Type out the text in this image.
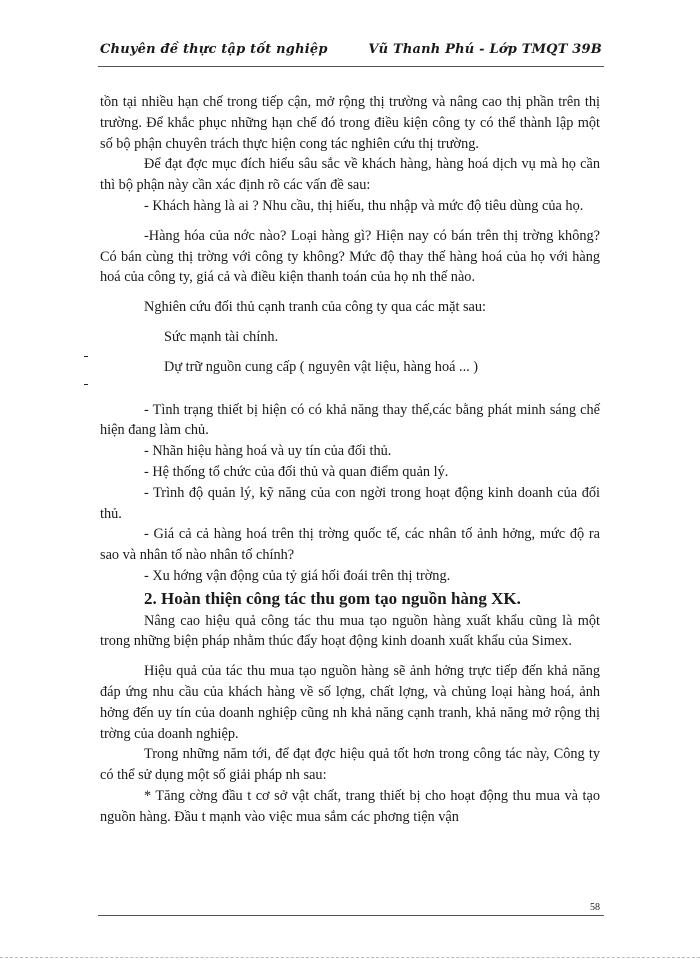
Chuyên đề thực tập tốt nghiệp	Vũ Thanh Phú - Lớp TMQT 39B

tồn tại nhiều hạn chế trong tiếp cận, mở rộng thị trường và nâng cao thị phần trên thị trường. Để khắc phục những hạn chế đó trong điều kiện công ty có thể thành lập một số bộ phận chuyên trách thực hiện cong tác nghiên cứu thị trường.

Để đạt đợc mục đích hiểu sâu sắc về khách hàng, hàng hoá dịch vụ mà họ cần thì bộ phận này cần xác định rõ các vấn đề sau:

- Khách hàng là ai ? Nhu cầu, thị hiếu, thu nhập và mức độ tiêu dùng của họ.

-Hàng hóa của nớc nào? Loại hàng gì? Hiện nay có bán trên thị trờng không? Có bán cùng thị trờng với công ty không? Mức độ thay thế hàng hoá của họ với hàng hoá của công ty, giá cả và điều kiện thanh toán của họ nh thế nào.

Nghiên cứu đối thủ cạnh tranh của công ty qua các mặt sau:

Sức mạnh tài chính.

Dự trữ nguồn cung cấp ( nguyên vật liệu, hàng hoá ... )

- Tình trạng thiết bị hiện có có khả năng thay thế,các bằng phát minh sáng chế hiện đang làm chủ.

- Nhãn hiệu hàng hoá và uy tín của đối thủ.

- Hệ thống tổ chức của đối thủ và quan điểm quản lý.

- Trình độ quản lý, kỹ năng của con ngời trong hoạt động kinh doanh của đối thủ.

- Giá cả cả hàng hoá trên thị trờng quốc tế, các nhân tố ảnh hởng, mức độ ra sao và nhân tố nào nhân tố chính?

- Xu hớng vận động của tỷ giá hối đoái trên thị trờng.

2. Hoàn thiện công tác thu gom tạo nguồn hàng XK.

Nâng cao hiệu quả công tác thu mua tạo nguồn hàng xuất khẩu cũng là một trong những biện pháp nhằm thúc đẩy hoạt động kinh doanh xuất khẩu của Simex.

Hiệu quả của tác thu mua tạo nguồn hàng sẽ ảnh hởng trực tiếp đến khả năng đáp ứng nhu cầu của khách hàng về số lợng, chất lợng, và chủng loại hàng hoá, ảnh hởng đến uy tín của doanh nghiệp cũng nh khả năng cạnh tranh, khả năng mở rộng thị trờng của doanh nghiệp.

Trong những năm tới, để đạt đợc hiệu quả tốt hơn trong công tác này, Công ty có thể sử dụng một số giải pháp nh sau:

* Tăng cờng đầu t cơ sở vật chất, trang thiết bị cho hoạt động thu mua và tạo nguồn hàng. Đầu t mạnh vào việc mua sắm các phơng tiện vận

58
